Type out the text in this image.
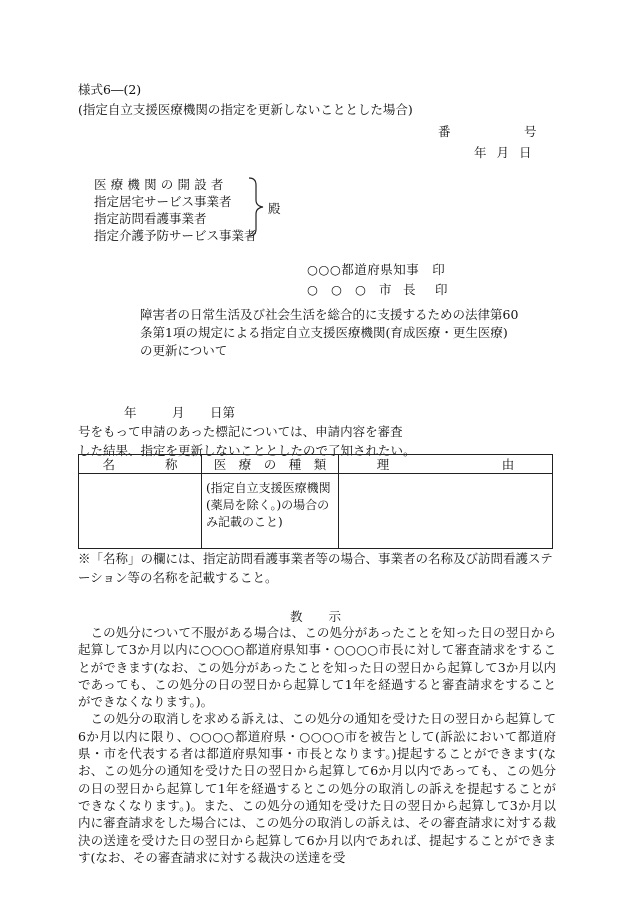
様式6―(2)
(指定自立支援医療機関の指定を更新しないこととした場合)
番	号
年月日
医療機関の開設者
指定居宅サービス事業者
指定訪問看護事業者
指定介護予防サービス事業者
殿
○○○都道府県知事　印
○ ○ ○ 市 長 印
障害者の日常生活及び社会生活を総合的に支援するための法律第60
条第1項の規定による指定自立支援医療機関(育成医療・更生医療)
の更新について
年	月 日第号をもって申請のあった標記については、申請内容を審査
した結果、指定を更新しないこととしたので了知されたい。
名　　　　称	医　療　の　種　類	理　　　　　　　　　由
	(指定自立支援医療機関(薬局を除く。)の場合のみ記載のこと)	
※「名称」の欄には、指定訪問看護事業者等の場合、事業者の名称及び訪問看護ステーション等の名称を記載すること。
教示

この処分について不服がある場合は、この処分があったことを知った日の翌日から起算して3か月以内に○○○○都道府県知事・○○○○市長に対して審査請求をすることができます(なお、この処分があったことを知った日の翌日から起算して3か月以内であっても、この処分の日の翌日から起算して1年を経過すると審査請求をすることができなくなります。)。

この処分の取消しを求める訴えは、この処分の通知を受けた日の翌日から起算して6か月以内に限り、○○○○都道府県・○○○○市を被告として(訴訟において都道府県・市を代表する者は都道府県知事・市長となります。)提起することができます(なお、この処分の通知を受けた日の翌日から起算して6か月以内であっても、この処分の日の翌日から起算して1年を経過するとこの処分の取消しの訴えを提起することができなくなります。)。また、この処分の通知を受けた日の翌日から起算して3か月以内に審査請求をした場合には、この処分の取消しの訴えは、その審査請求に対する裁決の送達を受けた日の翌日から起算して6か月以内であれば、提起することができます(なお、その審査請求に対する裁決の送達を受
